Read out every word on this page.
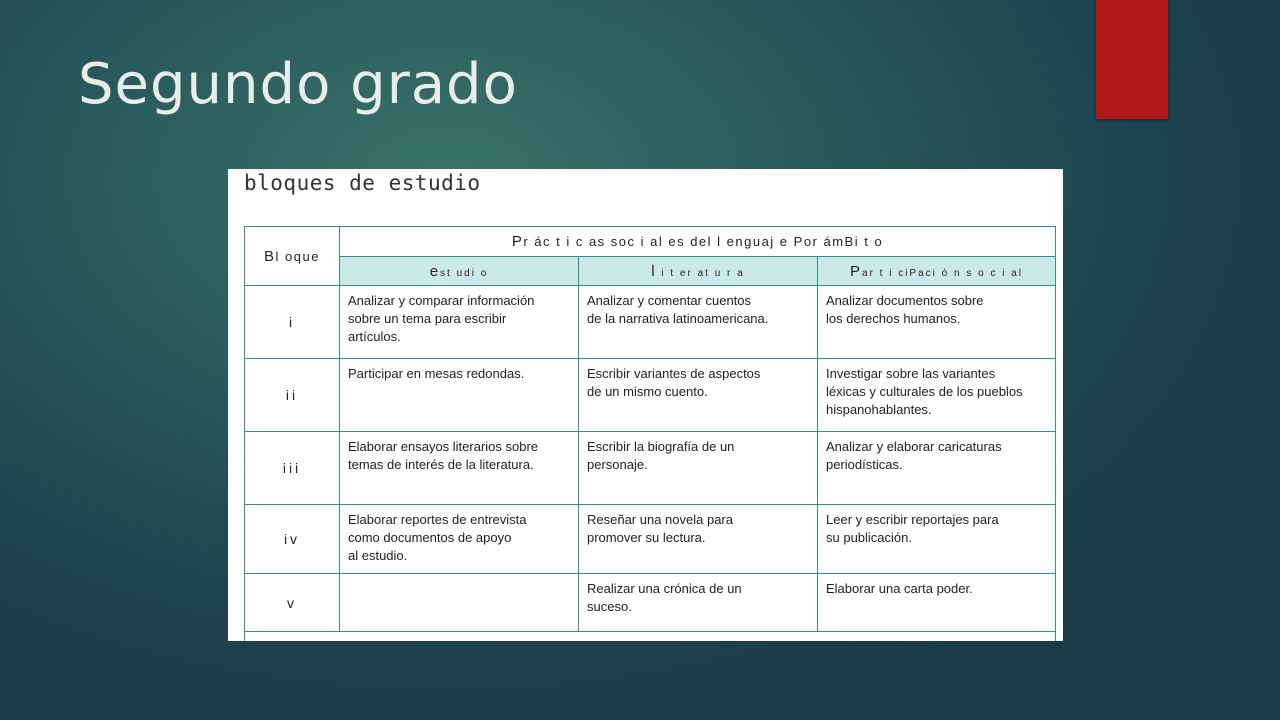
Segundo grado
bloques de estudio
Bl oque	Pr ác t i c as soc i al es del l enguaj e Por ámBi t o		
	est udi o	l i t er at u r a	Par t i ciPaci ó n s o c i al
i	Analizar y comparar información
sobre un tema para escribir
artículos.	Analizar y comentar cuentos
de la narrativa latinoamericana.	Analizar documentos sobre
los derechos humanos.
ii	Participar en mesas redondas.	Escribir variantes de aspectos
de un mismo cuento.	Investigar sobre las variantes
léxicas y culturales de los pueblos
hispanohablantes.
iii	Elaborar ensayos literarios sobre
temas de interés de la literatura.	Escribir la biografía de un
personaje.	Analizar y elaborar caricaturas
periodísticas.
iv	Elaborar reportes de entrevista
como documentos de apoyo
al estudio.	Reseñar una novela para
promover su lectura.	Leer y escribir reportajes para
su publicación.
v		Realizar una crónica de un
suceso.	Elaborar una carta poder.
